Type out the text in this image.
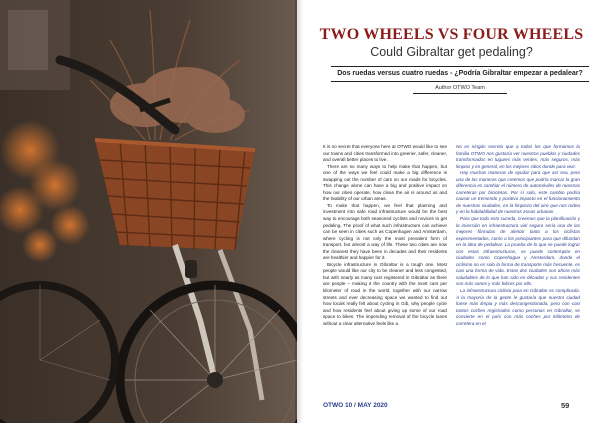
TWO WHEELS VS FOUR WHEELS
Could Gibraltar get pedaling?
Dos ruedas versus cuatro ruedas - ¿Podría Gibraltar empezar a pedalear?
Author OTWO Team

It is no secret that everyone here at OTWO would like to see our towns and cities transformed into greener, safer, cleaner, and overall better places to live.

There are so many ways to help make that happen, but one of the ways we feel could make a big difference is swapping out the number of cars on our roads for bicycles. This change alone can have a big and positive impact on how our cities operate, how clean the air is around us and the livability of our urban areas.

To make that happen, we feel that planning and investment into safe road infrastructure would be the best way to encourage both seasoned cyclists and novices to get pedaling. The proof of what such infrastructure can achieve can be seen in cities such as Copenhagen and Amsterdam, where cycling is not only the most prevalent form of transport, but almost a way of life. These two cities are now the cleanest they have been in decades and their residents are healthier and happier for it.

Bicycle infrastructure in Gibraltar is a tough one. Most people would like our city to be cleaner and less congested, but with nearly as many cars registered in Gibraltar as there are people – making it the country with the most cars per kilometer of road in the world, together with our narrow streets and ever decreasing space we wanted to find out how locals really felt about cycling in Gib, why people cycle and how residents feel about giving up some of our road space to bikes. The impending removal of the bicycle lanes without a clear alternative feels like a

No es ningún secreto que a todos los que formamos la familia OTWO nos gustaría ver nuestros pueblos y ciudades transformados en lugares más verdes, más seguros, más limpios y en general, en los mejores sitios donde para vivir.

Hay muchas maneras de ayudar para que así sea, pero una de las maneras que creemos que podría marcar la gran diferencia es cambiar el número de automóviles de nuestras carreteras por bicicletas. Por sí solo, este cambio podría causar un tremendo y positivo impacto en el funcionamiento de nuestras ciudades, en la limpieza del aire que nos rodea y en la habitabilidad de nuestras zonas urbanas.

Para que todo esto suceda, creemos que la planificación y la inversión en infraestructura vial segura sería una de las mejores fórmulas de alentar tanto a los ciclistas experimentados, como a los principiantes para que difundan en la idea de pedalear. La prueba de lo que se puede lograr con estas infraestructuras, se puede contemplar en ciudades como Copenhague y Ámsterdam, donde el ciclismo no es solo la forma de transporte más frecuente, es casi una forma de vida. Estas dos ciudades son ahora más saludables de lo que han sido en décadas y sus residentes son más sanos y más felices por ello.

La infraestructura ciclista para en Gibraltar es complicada. A la mayoría de la gente le gustaría que nuestra ciudad fuese más limpia y más descongestionada, pero con casi tantos coches registrados como personas en Gibraltar, se convierte en el país con más coches por kilómetro de carretera en el

OTWO 10 / MAY 2020	59
